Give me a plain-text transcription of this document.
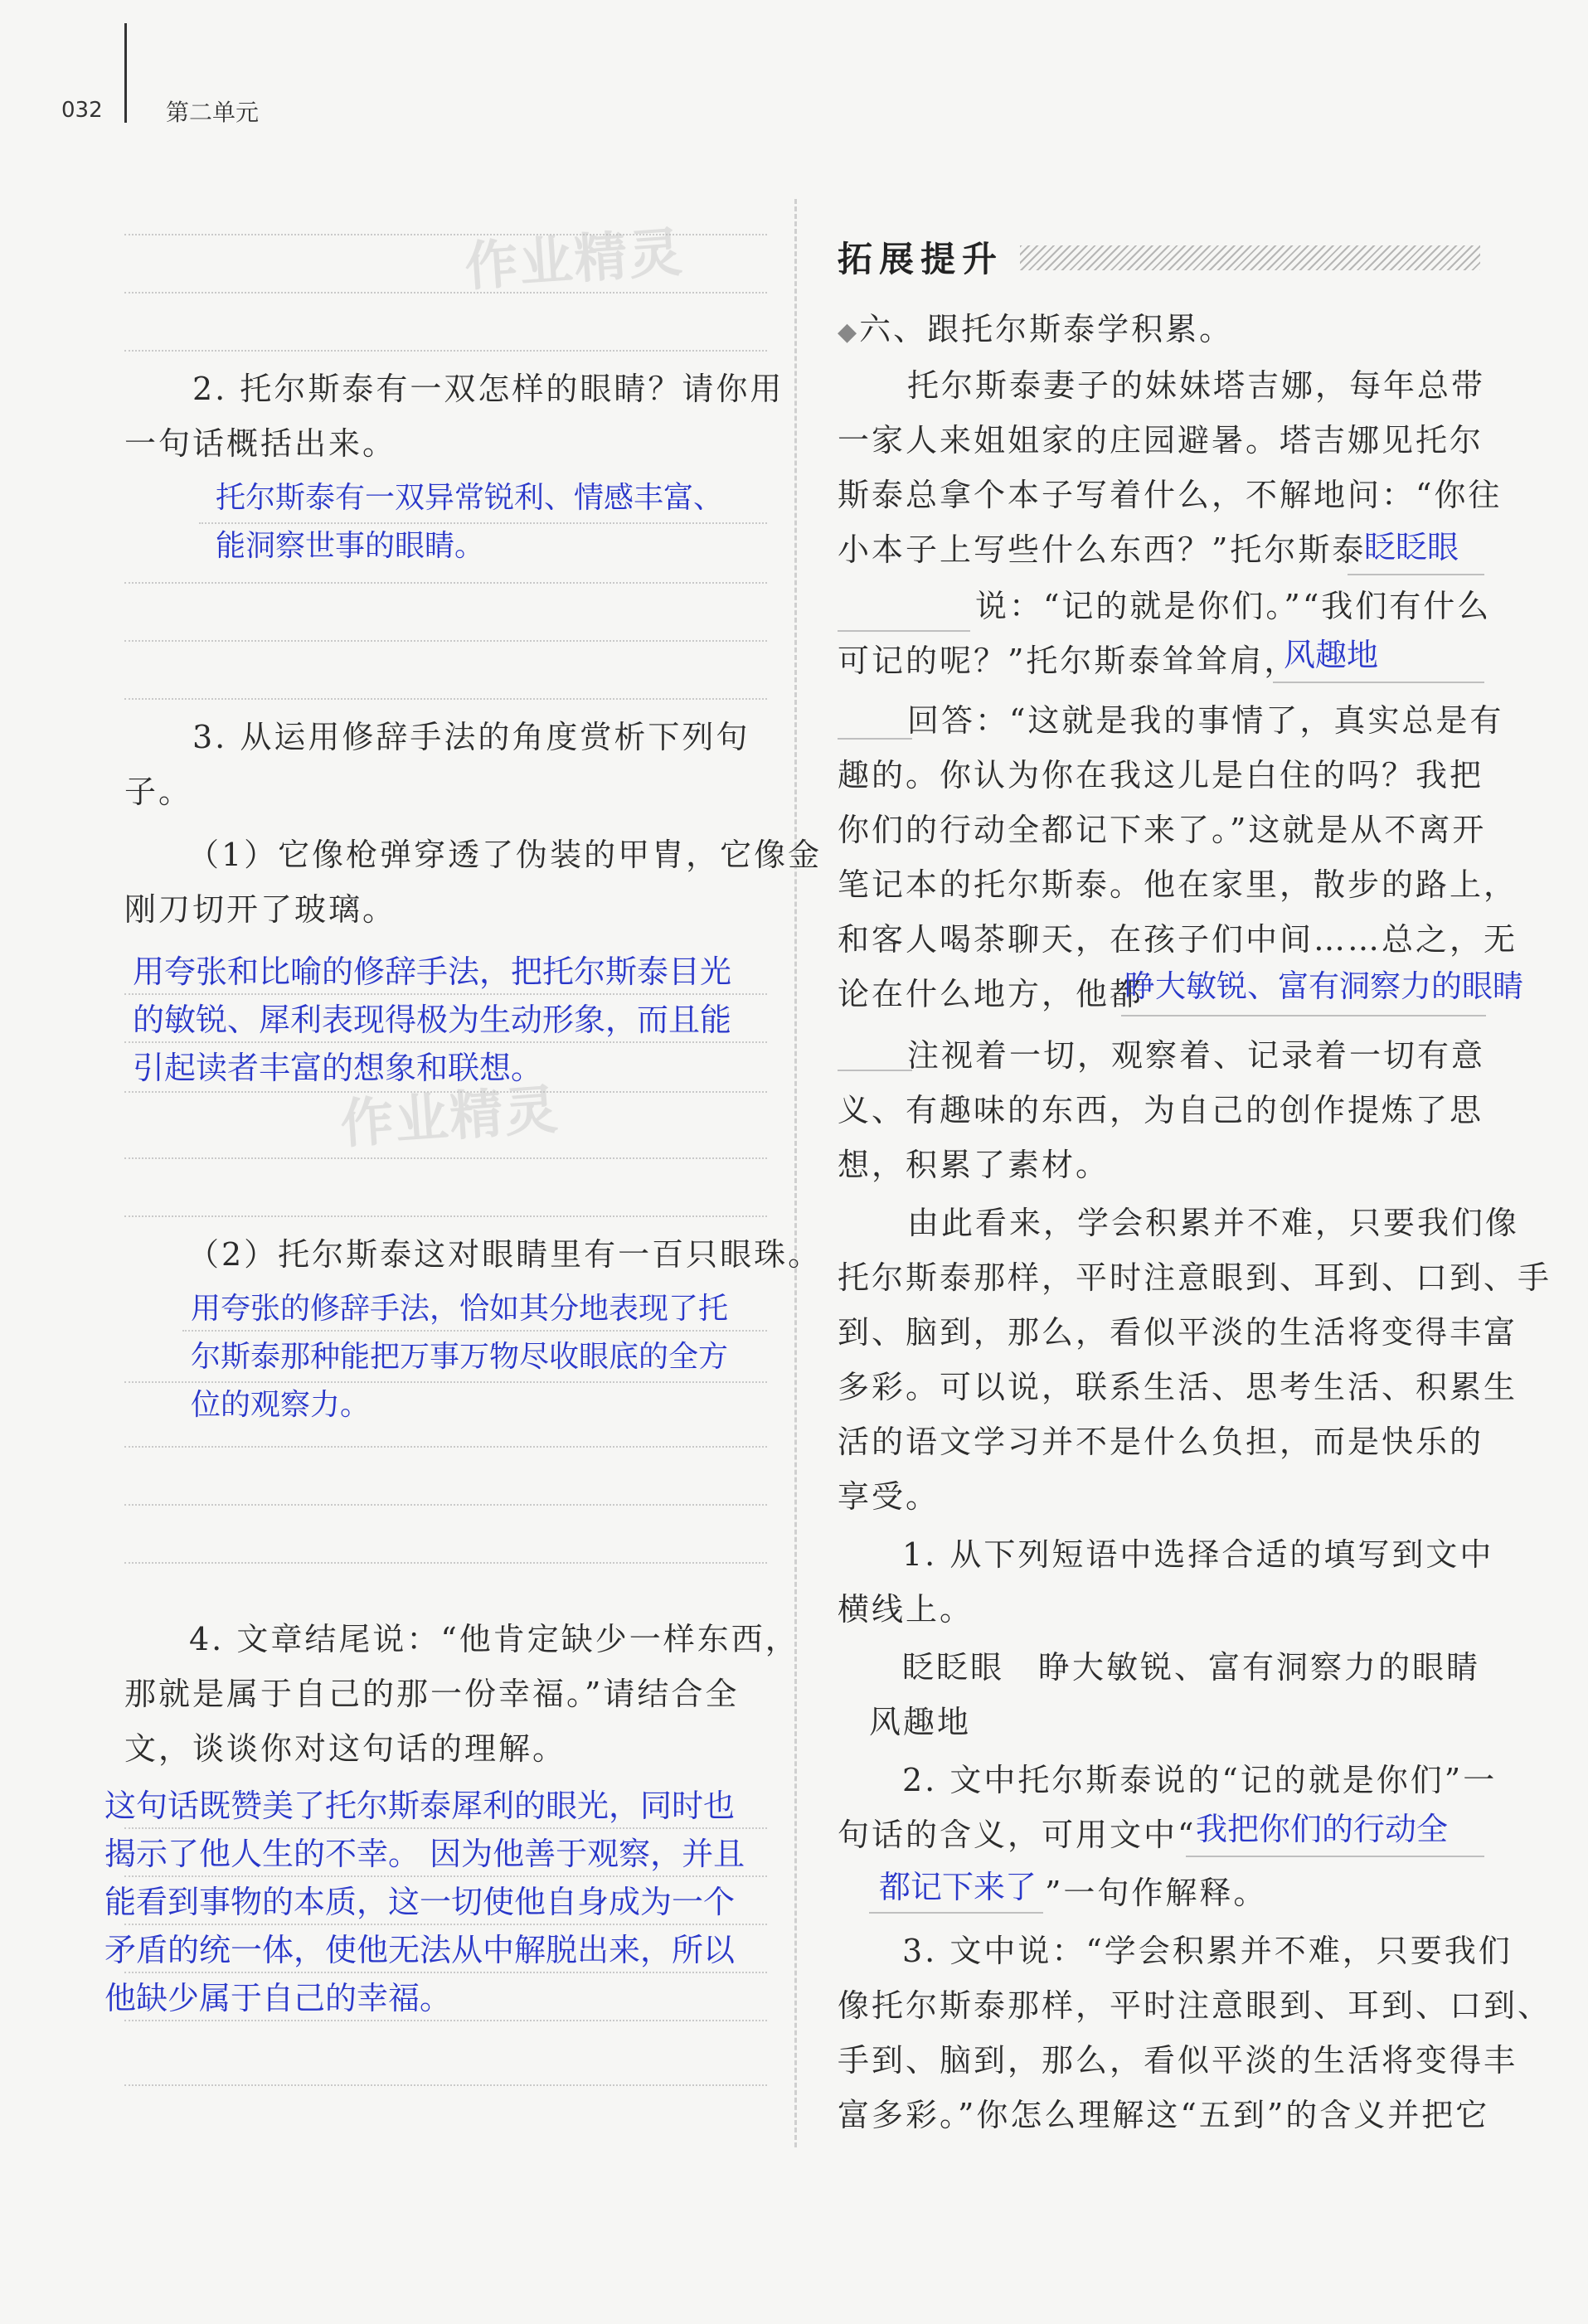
032	第二单元
作业精灵
2. 托尔斯泰有一双怎样的眼睛？请你用
一句话概括出来。
托尔斯泰有一双异常锐利、情感丰富、
能洞察世事的眼睛。
3. 从运用修辞手法的角度赏析下列句
子。
（1）它像枪弹穿透了伪装的甲胄，它像金
刚刀切开了玻璃。
用夸张和比喻的修辞手法，把托尔斯泰目光
的敏锐、犀利表现得极为生动形象，而且能
引起读者丰富的想象和联想。
作业精灵
（2）托尔斯泰这对眼睛里有一百只眼珠。
用夸张的修辞手法，恰如其分地表现了托
尔斯泰那种能把万事万物尽收眼底的全方
位的观察力。
4. 文章结尾说：“他肯定缺少一样东西，
那就是属于自己的那一份幸福。”请结合全
文，谈谈你对这句话的理解。
这句话既赞美了托尔斯泰犀利的眼光，同时也
揭示了他人生的不幸。 因为他善于观察，并且
能看到事物的本质，这一切使他自身成为一个
矛盾的统一体，使他无法从中解脱出来，所以
他缺少属于自己的幸福。
拓展提升
◆六、跟托尔斯泰学积累。
托尔斯泰妻子的妹妹塔吉娜，每年总带
一家人来姐姐家的庄园避暑。塔吉娜见托尔
斯泰总拿个本子写着什么，不解地问：“你往
小本子上写些什么东西？”托尔斯泰
眨眨眼
说：“记的就是你们。”“我们有什么
可记的呢？”托尔斯泰耸耸肩，
风趣地
回答：“这就是我的事情了，真实总是有
趣的。你认为你在我这儿是白住的吗？我把
你们的行动全都记下来了。”这就是从不离开
笔记本的托尔斯泰。他在家里，散步的路上，
和客人喝茶聊天，在孩子们中间……总之，无
论在什么地方，他都
睁大敏锐、富有洞察力的眼睛
注视着一切，观察着、记录着一切有意
义、有趣味的东西，为自己的创作提炼了思
想，积累了素材。
由此看来，学会积累并不难，只要我们像
托尔斯泰那样，平时注意眼到、耳到、口到、手
到、脑到，那么，看似平淡的生活将变得丰富
多彩。可以说，联系生活、思考生活、积累生
活的语文学习并不是什么负担，而是快乐的
享受。
1. 从下列短语中选择合适的填写到文中
横线上。
眨眨眼　睁大敏锐、富有洞察力的眼睛
风趣地
2. 文中托尔斯泰说的“记的就是你们”一
句话的含义，可用文中“ 我把你们的行动全
都记下来了 ”一句作解释。
3. 文中说：“学会积累并不难，只要我们
像托尔斯泰那样，平时注意眼到、耳到、口到、
手到、脑到，那么，看似平淡的生活将变得丰
富多彩。”你怎么理解这“五到”的含义并把它
